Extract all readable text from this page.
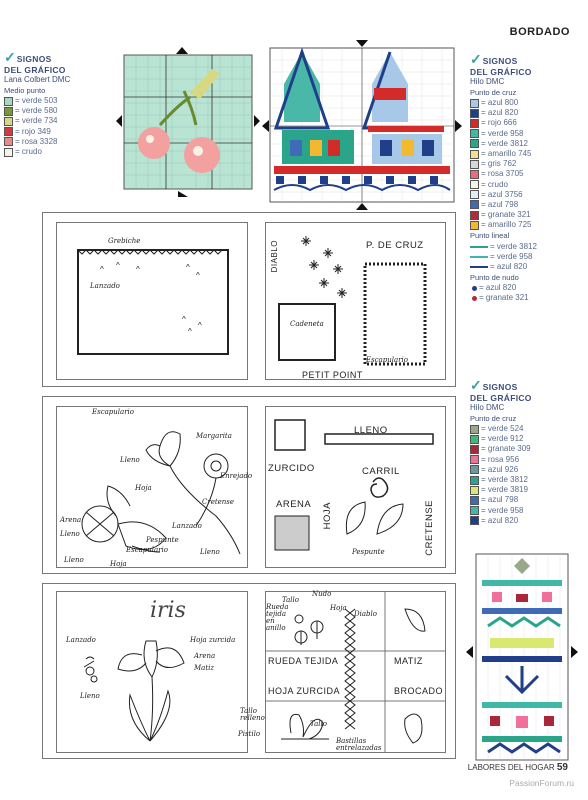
BORDADO
✓SIGNOS
DEL GRÁFICO
Lana Colbert DMC
Medio punto
= verde 503
= verde 580
= verde 734
= rojo 349
= rosa 3328
= crudo
✓SIGNOS
DEL GRÁFICO
Hilo DMC
Punto de cruz
= azul 800
= azul 820
= rojo 666
= verde 958
= verde 3812
= amarillo 745
= gris 762
= rosa 3705
= crudo
= azul 3756
= azul 798
= granate 321
= amarillo 725
Punto lineal
= verde 3812
= verde 958
= azul 820
Punto de nudo
= azul 820
= granate 321
✓SIGNOS
DEL GRÁFICO
Hilo DMC
Punto de cruz
= verde 524
= verde 912
= granate 309
= rosa 956
= azul 926
= verde 3812
= verde 3819
= azul 798
= verde 958
= azul 820
^ ^ ^	^
^
^
^
^
Grebiche
Lanzado
DIABLO	P. DE CRUZ
Cadeneta
Escapulario
PETIT POINT
Escapulario
Margarita
Lleno
Enrejado
Hoja
Cretense
Arena
Lanzado
Lleno
Pespunte
Escapulario	Lleno
Lleno	Hoja
LLENO
ZURCIDO	CARRIL
ARENA HOJA	CRETENSE
Pespunte
iris
Lanzado	Hoja zurcida
Arena
Matiz
Lleno
Rueda tejida en anillo
Tallo
Nudo
Hoja
Diablo
RUEDA TEJIDA	MATIZ
HOJA ZURCIDA	BROCADO
Tallo relleno
Tallo
Pistilo
Bastillas entrelazadas
LABORES DEL HOGAR 59
PassionForum.ru
